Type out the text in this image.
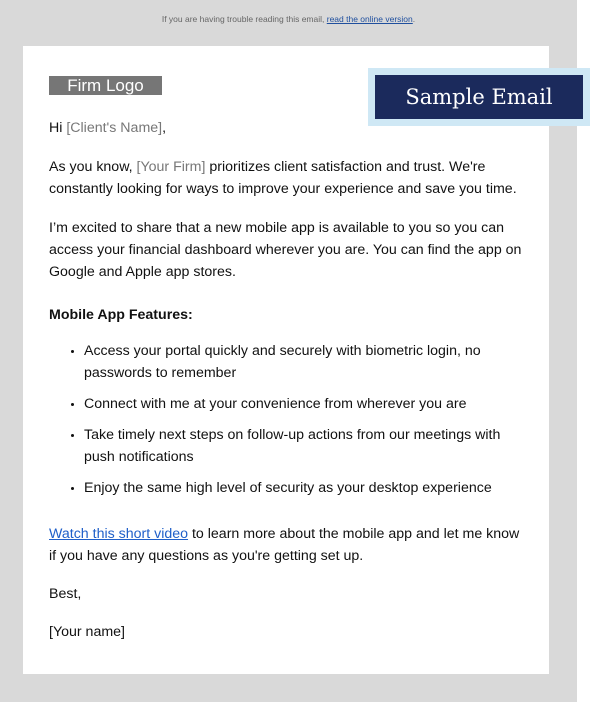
If you are having trouble reading this email, read the online version.
Firm Logo	Sample Email

Hi [Client's Name],

As you know, [Your Firm] prioritizes client satisfaction and trust. We're constantly looking for ways to improve your experience and save you time.

I’m excited to share that a new mobile app is available to you so you can access your financial dashboard wherever you are. You can find the app on Google and Apple app stores.

Mobile App Features:

• Access your portal quickly and securely with biometric login, no passwords to remember
• Connect with me at your convenience from wherever you are
• Take timely next steps on follow-up actions from our meetings with push notifications
• Enjoy the same high level of security as your desktop experience

Watch this short video to learn more about the mobile app and let me know if you have any questions as you're getting set up.

Best,

[Your name]
